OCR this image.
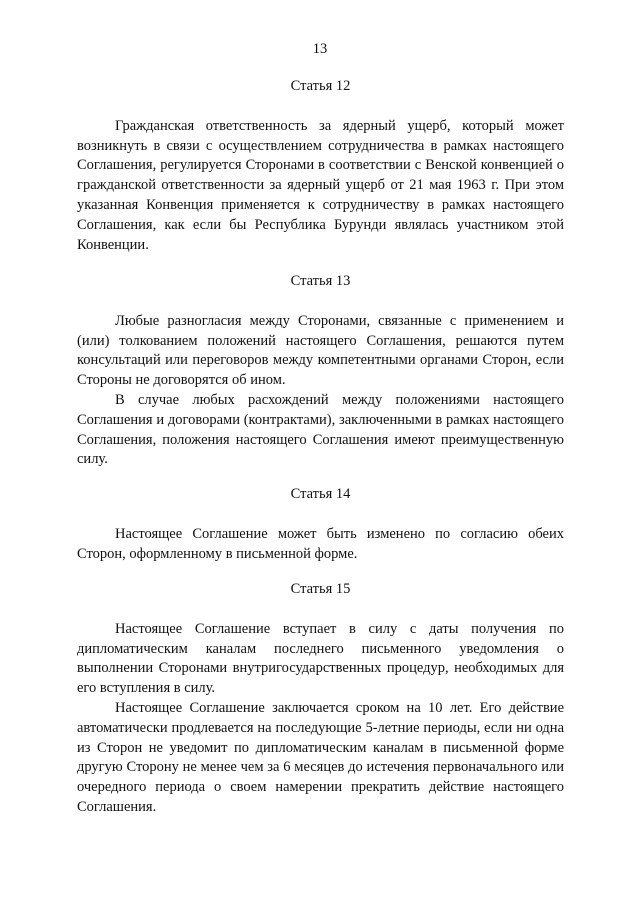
13
Статья 12

Гражданская ответственность за ядерный ущерб, который может возникнуть в связи с осуществлением сотрудничества в рамках настоящего Соглашения, регулируется Сторонами в соответствии с Венской конвенцией о гражданской ответственности за ядерный ущерб от 21 мая 1963 г. При этом указанная Конвенция применяется к сотрудничеству в рамках настоящего Соглашения, как если бы Республика Бурунди являлась участником этой Конвенции.

Статья 13

Любые разногласия между Сторонами, связанные с применением и (или) толкованием положений настоящего Соглашения, решаются путем консультаций или переговоров между компетентными органами Сторон, если Стороны не договорятся об ином.

В случае любых расхождений между положениями настоящего Соглашения и договорами (контрактами), заключенными в рамках настоящего Соглашения, положения настоящего Соглашения имеют преимущественную силу.

Статья 14

Настоящее Соглашение может быть изменено по согласию обеих Сторон, оформленному в письменной форме.

Статья 15

Настоящее Соглашение вступает в силу с даты получения по дипломатическим каналам последнего письменного уведомления о выполнении Сторонами внутригосударственных процедур, необходимых для его вступления в силу.

Настоящее Соглашение заключается сроком на 10 лет. Его действие автоматически продлевается на последующие 5-летние периоды, если ни одна из Сторон не уведомит по дипломатическим каналам в письменной форме другую Сторону не менее чем за 6 месяцев до истечения первоначального или очередного периода о своем намерении прекратить действие настоящего Соглашения.
